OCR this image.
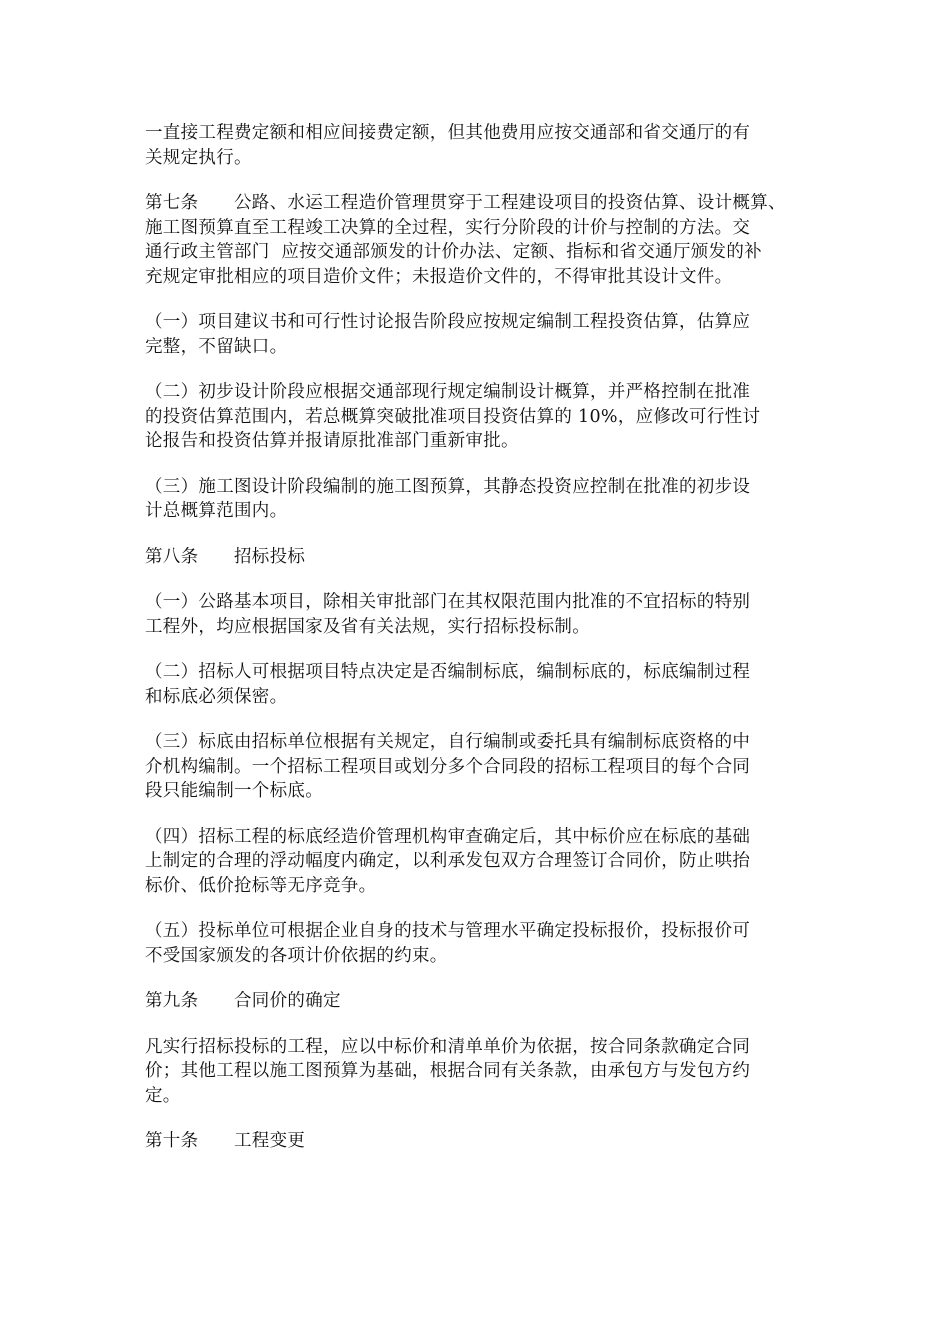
一直接工程费定额和相应间接费定额，但其他费用应按交通部和省交通厅的有
关规定执行。
第七条　　公路、水运工程造价管理贯穿于工程建设项目的投资估算、设计概算、
施工图预算直至工程竣工决算的全过程，实行分阶段的计价与控制的方法。交
通行政主管部门  应按交通部颁发的计价办法、定额、指标和省交通厅颁发的补
充规定审批相应的项目造价文件；未报造价文件的，不得审批其设计文件。
（一）项目建议书和可行性讨论报告阶段应按规定编制工程投资估算，估算应
完整，不留缺口。
（二）初步设计阶段应根据交通部现行规定编制设计概算，并严格控制在批准
的投资估算范围内，若总概算突破批准项目投资估算的 10%，应修改可行性讨
论报告和投资估算并报请原批准部门重新审批。
（三）施工图设计阶段编制的施工图预算，其静态投资应控制在批准的初步设
计总概算范围内。
第八条　　招标投标
（一）公路基本项目，除相关审批部门在其权限范围内批准的不宜招标的特别
工程外，均应根据国家及省有关法规，实行招标投标制。
（二）招标人可根据项目特点决定是否编制标底，编制标底的，标底编制过程
和标底必须保密。
（三）标底由招标单位根据有关规定，自行编制或委托具有编制标底资格的中
介机构编制。一个招标工程项目或划分多个合同段的招标工程项目的每个合同
段只能编制一个标底。
（四）招标工程的标底经造价管理机构审查确定后，其中标价应在标底的基础
上制定的合理的浮动幅度内确定，以利承发包双方合理签订合同价，防止哄抬
标价、低价抢标等无序竞争。
（五）投标单位可根据企业自身的技术与管理水平确定投标报价，投标报价可
不受国家颁发的各项计价依据的约束。
第九条　　合同价的确定
凡实行招标投标的工程，应以中标价和清单单价为依据，按合同条款确定合同
价；其他工程以施工图预算为基础，根据合同有关条款，由承包方与发包方约
定。
第十条　　工程变更
